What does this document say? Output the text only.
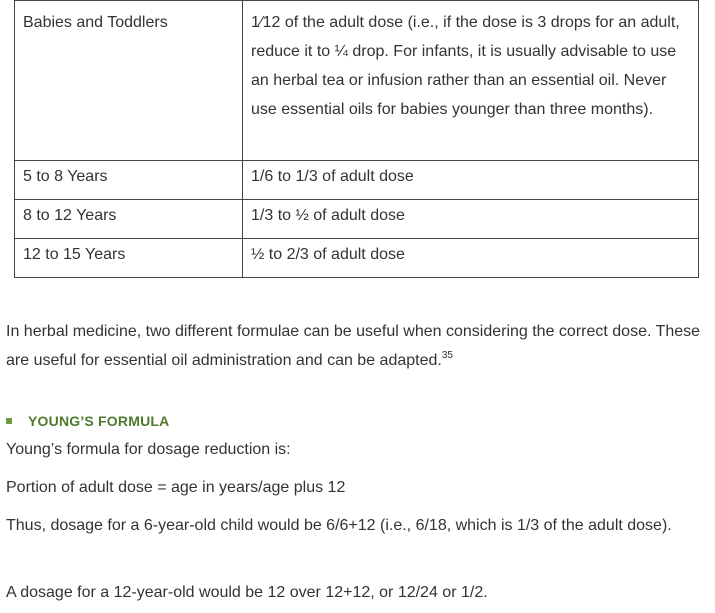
Babies and Toddlers	1⁄12 of the adult dose (i.e., if the dose is 3 drops for an adult, reduce it to ¼ drop. For infants, it is usually advisable to use an herbal tea or infusion rather than an essential oil. Never use essential oils for babies younger than three months).

5 to 8 Years	1/6 to 1/3 of adult dose

8 to 12 Years	1/3 to ½ of adult dose

12 to 15 Years	½ to 2/3 of adult dose

In herbal medicine, two different formulae can be useful when considering the correct dose. These are useful for essential oil administration and can be adapted.$^{35}$

YOUNG’S FORMULA

Young’s formula for dosage reduction is:

Portion of adult dose = age in years/age plus 12

Thus, dosage for a 6-year-old child would be 6/6+12 (i.e., 6/18, which is 1/3 of the adult dose).

A dosage for a 12-year-old would be 12 over 12+12, or 12/24 or 1/2.
